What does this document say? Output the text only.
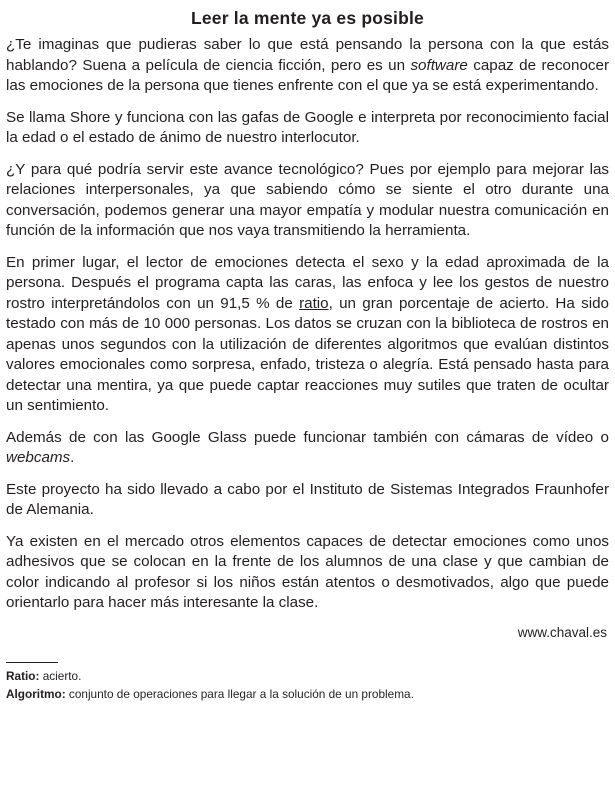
Leer la mente ya es posible

¿Te imaginas que pudieras saber lo que está pensando la persona con la que estás hablando? Suena a película de ciencia ficción, pero es un software capaz de reconocer las emociones de la persona que tienes enfrente con el que ya se está experimentando.

Se llama Shore y funciona con las gafas de Google e interpreta por reconocimiento facial la edad o el estado de ánimo de nuestro interlocutor.

¿Y para qué podría servir este avance tecnológico? Pues por ejemplo para mejorar las relaciones interpersonales, ya que sabiendo cómo se siente el otro durante una conversación, podemos generar una mayor empatía y modular nuestra comunicación en función de la información que nos vaya transmitiendo la herramienta.

En primer lugar, el lector de emociones detecta el sexo y la edad aproximada de la persona. Después el programa capta las caras, las enfoca y lee los gestos de nuestro rostro interpretándolos con un 91,5 % de ratio, un gran porcentaje de acierto. Ha sido testado con más de 10 000 personas. Los datos se cruzan con la biblioteca de rostros en apenas unos segundos con la utilización de diferentes algoritmos que evalúan distintos valores emocionales como sorpresa, enfado, tristeza o alegría. Está pensado hasta para detectar una mentira, ya que puede captar reacciones muy sutiles que traten de ocultar un sentimiento.

Además de con las Google Glass puede funcionar también con cámaras de vídeo o webcams.

Este proyecto ha sido llevado a cabo por el Instituto de Sistemas Integrados Fraunhofer de Alemania.

Ya existen en el mercado otros elementos capaces de detectar emociones como unos adhesivos que se colocan en la frente de los alumnos de una clase y que cambian de color indicando al profesor si los niños están atentos o desmotivados, algo que puede orientarlo para hacer más interesante la clase.

www.chaval.es

Ratio: acierto.

Algoritmo: conjunto de operaciones para llegar a la solución de un problema.
